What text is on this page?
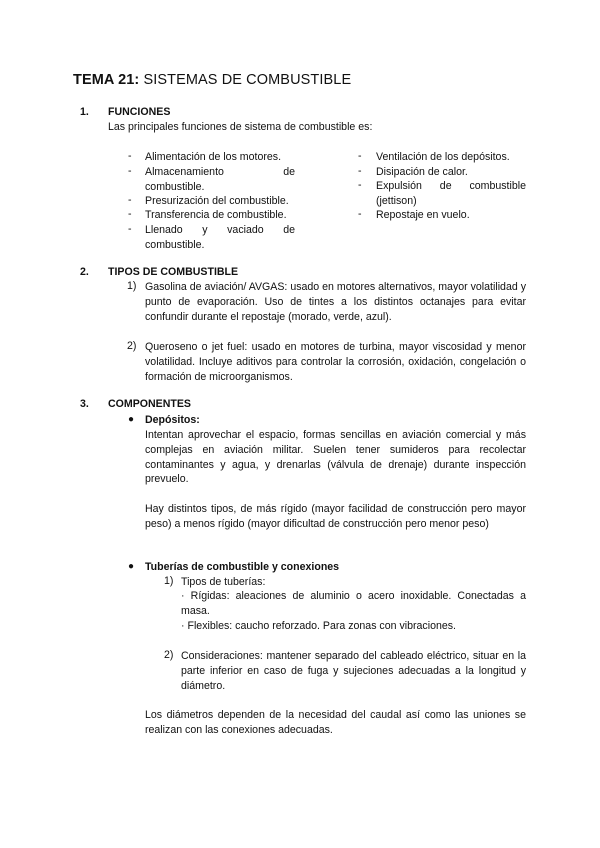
TEMA 21: SISTEMAS DE COMBUSTIBLE
1. FUNCIONES
Las principales funciones de sistema de combustible es:
- Alimentación de los motores.
- Almacenamiento de combustible.
- Presurización del combustible.
- Transferencia de combustible.
- Llenado y vaciado de combustible.
- Ventilación de los depósitos.
- Disipación de calor.
- Expulsión de combustible (jettison)
- Repostaje en vuelo.
2. TIPOS DE COMBUSTIBLE
1) Gasolina de aviación/ AVGAS: usado en motores alternativos, mayor volatilidad y punto de evaporación. Uso de tintes a los distintos octanajes para evitar confundir durante el repostaje (morado, verde, azul).
2) Queroseno o jet fuel: usado en motores de turbina, mayor viscosidad y menor volatilidad. Incluye aditivos para controlar la corrosión, oxidación, congelación o formación de microorganismos.
3. COMPONENTES
● Depósitos:
Intentan aprovechar el espacio, formas sencillas en aviación comercial y más complejas en aviación militar. Suelen tener sumideros para recolectar contaminantes y agua, y drenarlas (válvula de drenaje) durante inspección prevuelo.
Hay distintos tipos, de más rígido (mayor facilidad de construcción pero mayor peso) a menos rígido (mayor dificultad de construcción pero menor peso)
● Tuberías de combustible y conexiones
1) Tipos de tuberías:
· Rígidas: aleaciones de aluminio o acero inoxidable. Conectadas a masa.
· Flexibles: caucho reforzado. Para zonas con vibraciones.
2) Consideraciones: mantener separado del cableado eléctrico, situar en la parte inferior en caso de fuga y sujeciones adecuadas a la longitud y diámetro.
Los diámetros dependen de la necesidad del caudal así como las uniones se realizan con las conexiones adecuadas.
